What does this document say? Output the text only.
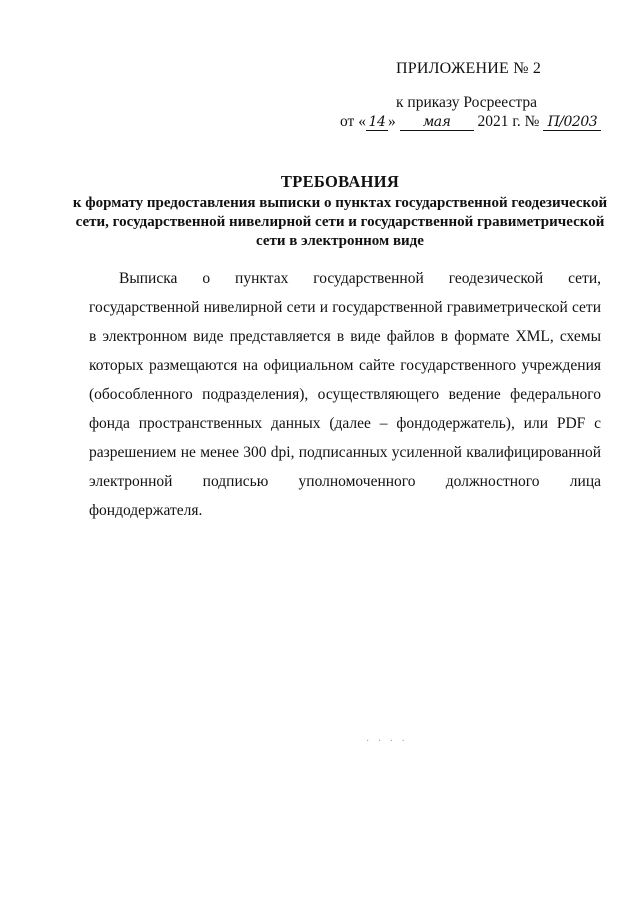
ПРИЛОЖЕНИЕ № 2
к приказу Росреестра
от « 14 » мая 2021 г. № П/0203
ТРЕБОВАНИЯ
к формату предоставления выписки о пунктах государственной геодезической сети, государственной нивелирной сети и государственной гравиметрической сети в электронном виде

Выписка о пунктах государственной геодезической сети, государственной нивелирной сети и государственной гравиметрической сети в электронном виде представляется в виде файлов в формате XML, схемы которых размещаются на официальном сайте государственного учреждения (обособленного подразделения), осуществляющего ведение федерального фонда пространственных данных (далее – фондодержатель), или PDF с разрешением не менее 300 dpi, подписанных усиленной квалифицированной электронной подписью уполномоченного должностного лица фондодержателя.

· · · ·
